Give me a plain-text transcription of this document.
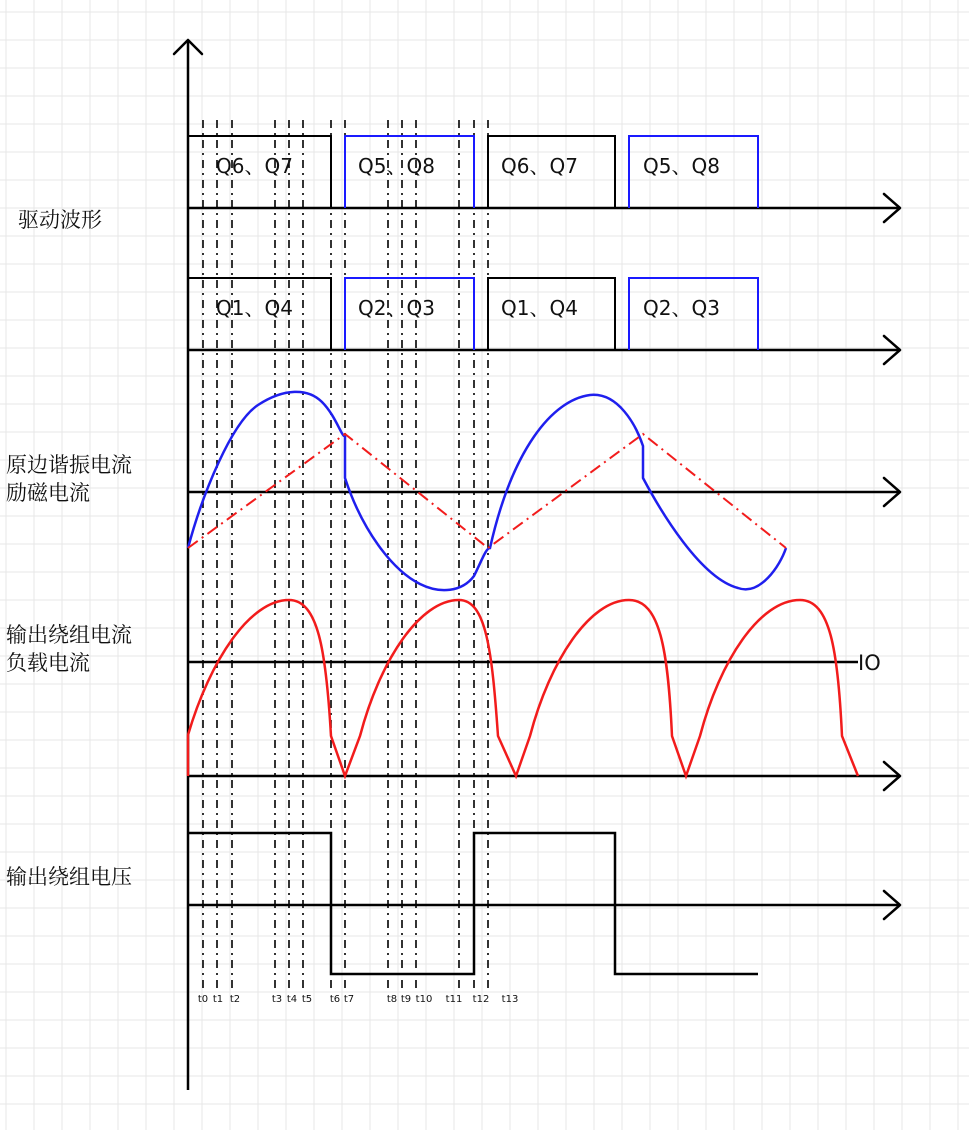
Q6、Q7	Q5、Q8	Q6、Q7	Q5、Q8
Q1、Q4	Q2、Q3	Q1、Q4	Q2、Q3
驱动波形
原边谐振电流
励磁电流
输出绕组电流
负载电流
输出绕组电压
IO
t0 t1 t2	t3 t4 t5 t6 t7	t8 t9 t10 t11 t12 t13
